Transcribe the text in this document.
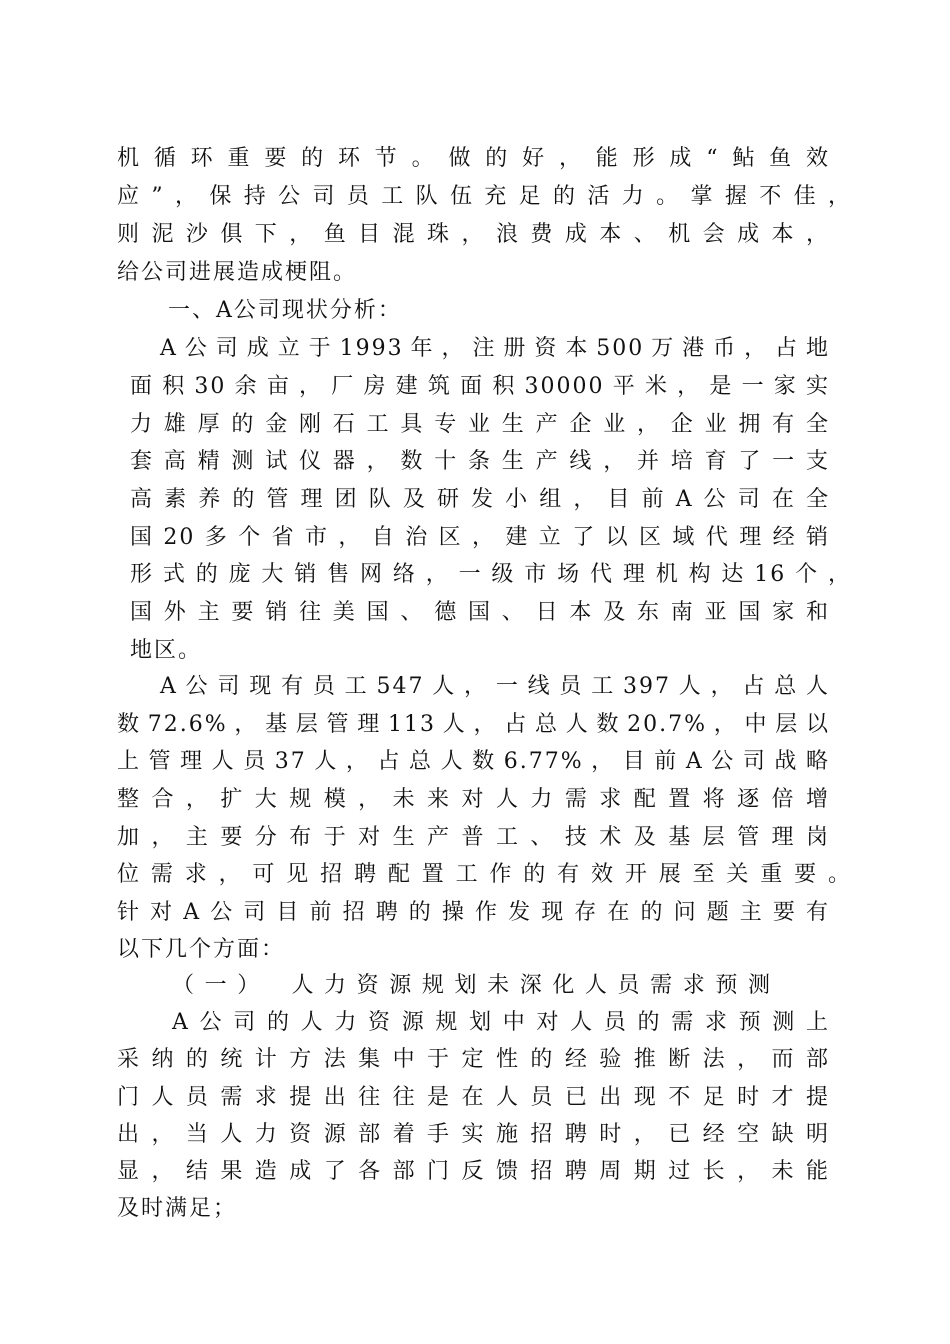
机循环重要的环节。做的好，能形成“鲇鱼效
应”，保持公司员工队伍充足的活力。掌握不佳，
则泥沙俱下，鱼目混珠，浪费成本、机会成本，
给公司进展造成梗阻。
一、A公司现状分析：
A公司成立于1993年，注册资本500万港币，占地
面积30余亩，厂房建筑面积30000平米，是一家实
力雄厚的金刚石工具专业生产企业，企业拥有全
套高精测试仪器，数十条生产线，并培育了一支
高素养的管理团队及研发小组，目前A公司在全
国20多个省市，自治区，建立了以区域代理经销
形式的庞大销售网络，一级市场代理机构达16个，
国外主要销往美国、德国、日本及东南亚国家和
地区。
A公司现有员工547人，一线员工397人，占总人
数72.6%，基层管理113人，占总人数20.7%，中层以
上管理人员37人，占总人数6.77%，目前A公司战略
整合，扩大规模，未来对人力需求配置将逐倍增
加，主要分布于对生产普工、技术及基层管理岗
位需求，可见招聘配置工作的有效开展至关重要。
针对A公司目前招聘的操作发现存在的问题主要有
以下几个方面：
（一）　人力资源规划未深化人员需求预测
A公司的人力资源规划中对人员的需求预测上
采纳的统计方法集中于定性的经验推断法，而部
门人员需求提出往往是在人员已出现不足时才提
出，当人力资源部着手实施招聘时，已经空缺明
显，结果造成了各部门反馈招聘周期过长，未能
及时满足；
